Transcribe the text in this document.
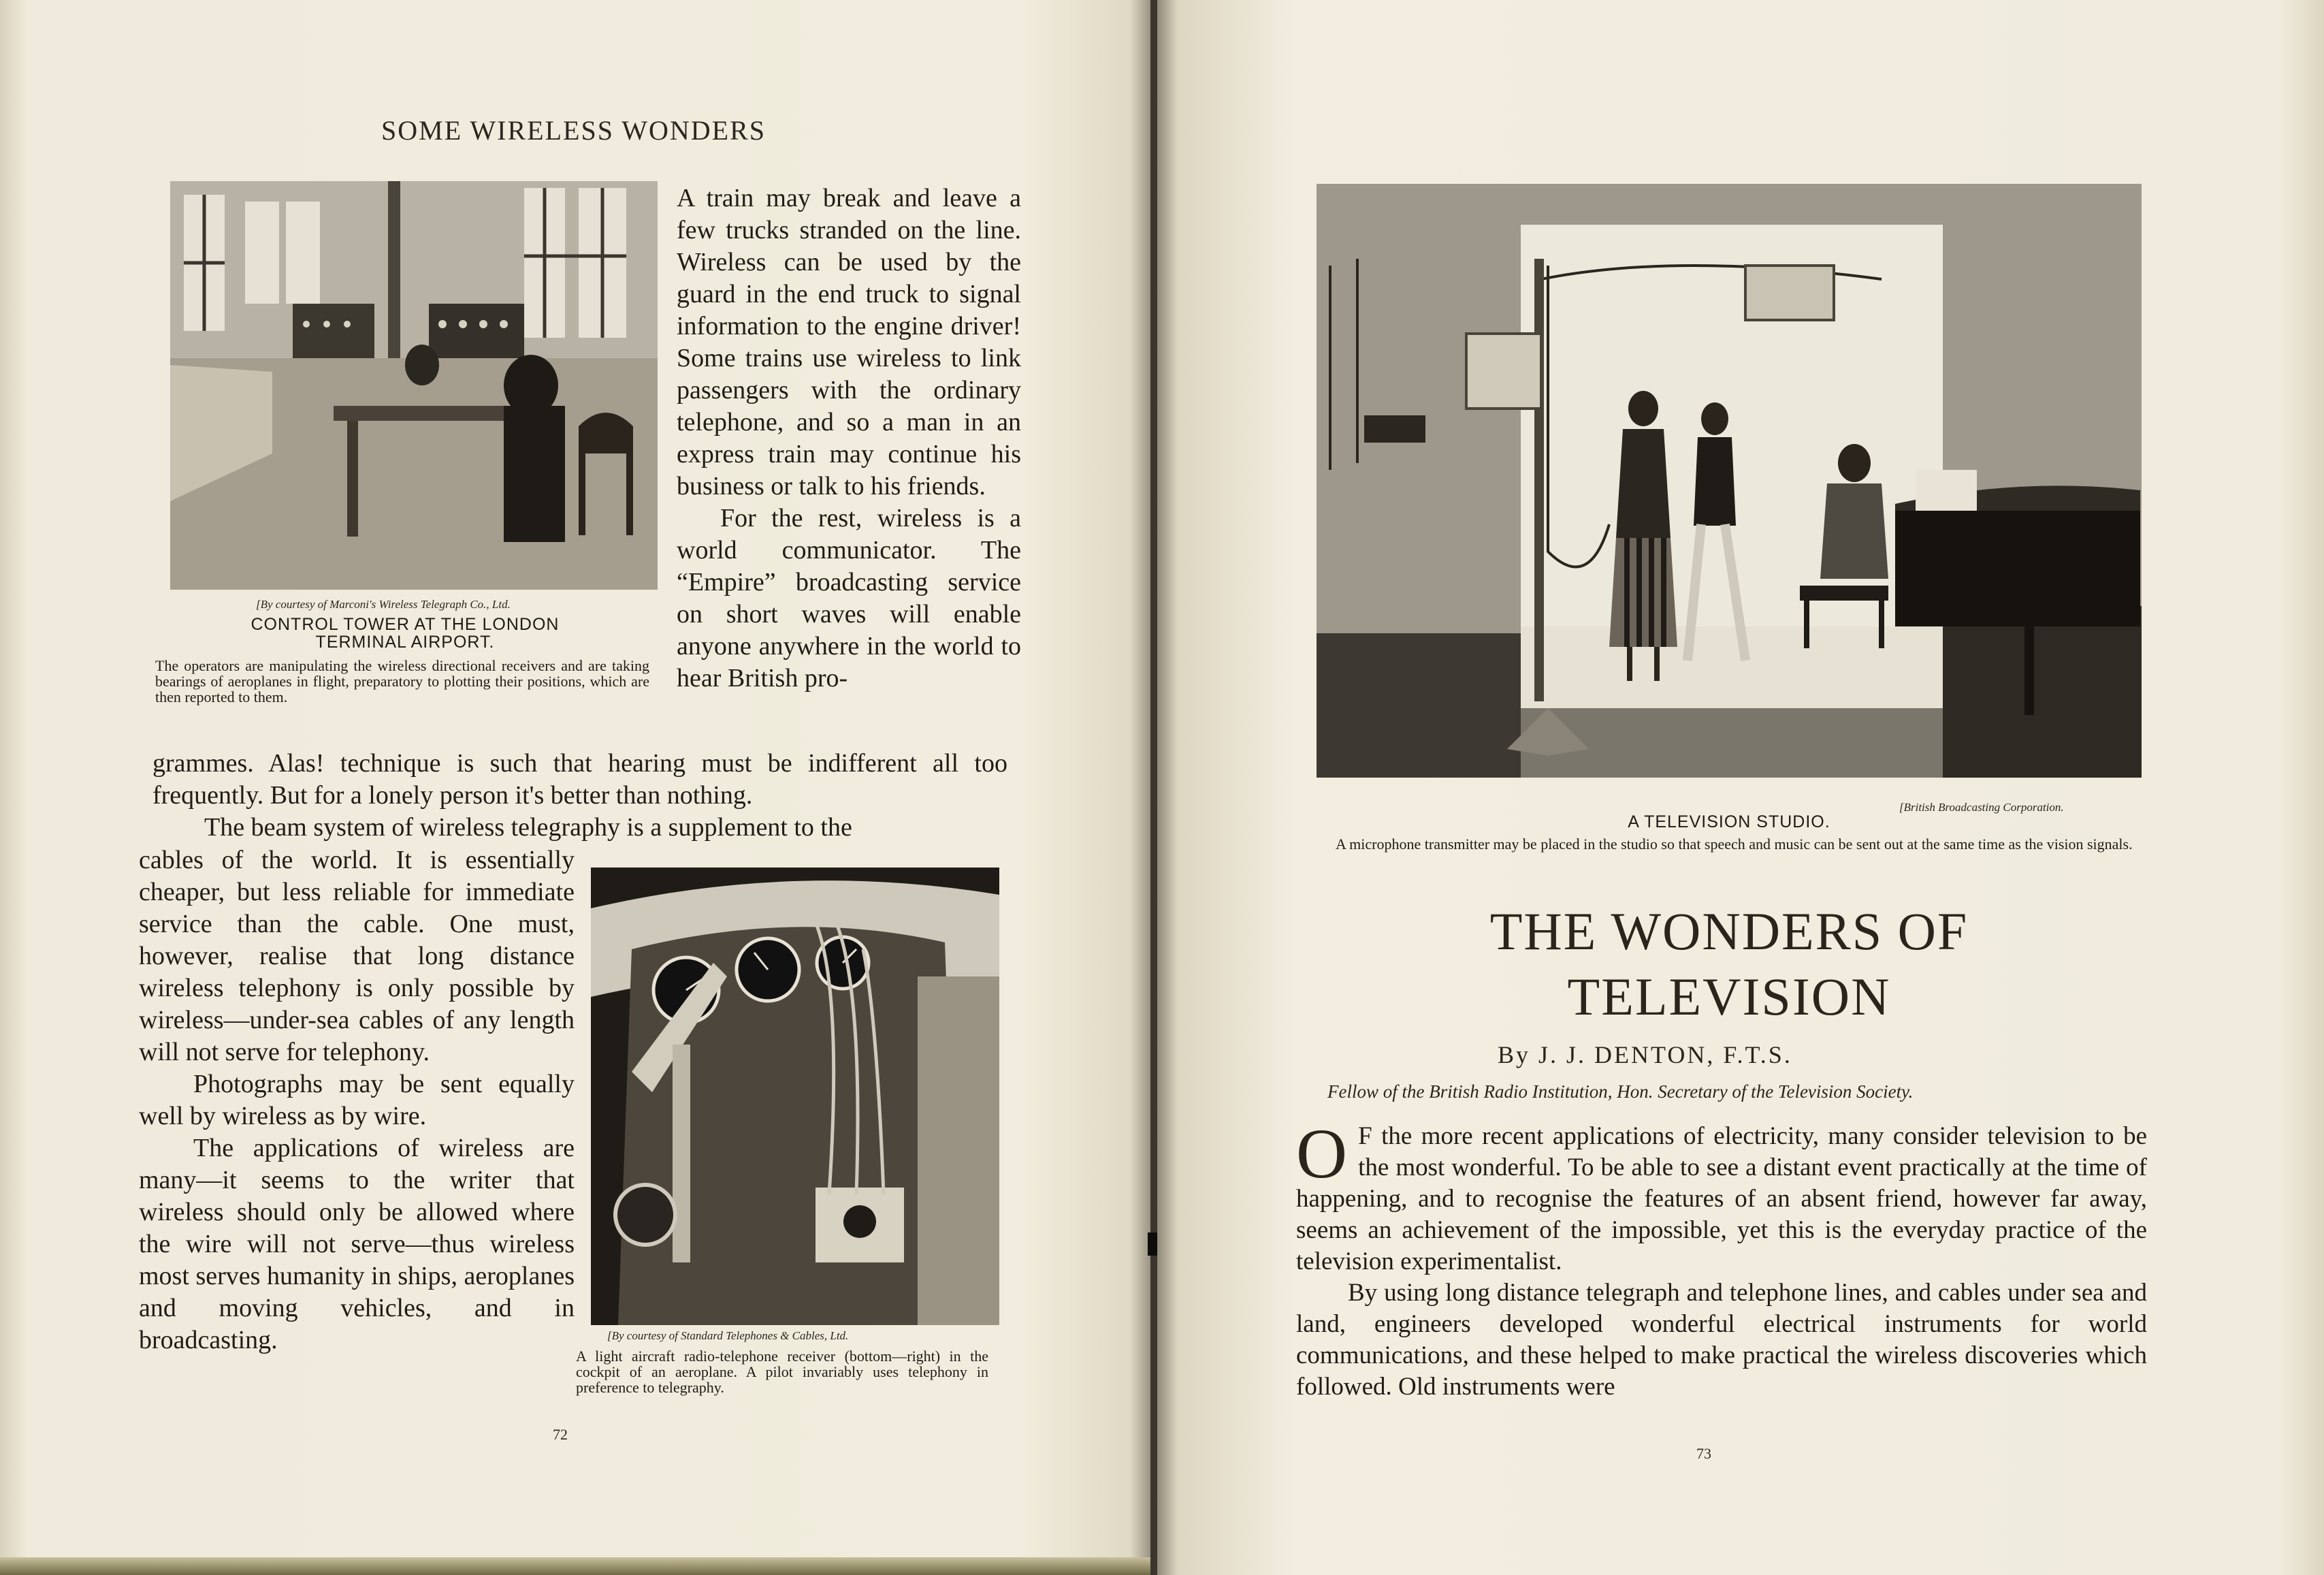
SOME WIRELESS WONDERS
[By courtesy of Marconi's Wireless Telegraph Co., Ltd.
CONTROL TOWER AT THE LONDON
TERMINAL AIRPORT.
The operators are manipulating the wireless directional receivers and are taking bearings of aeroplanes in flight, preparatory to plotting their positions, which are then reported to them.

A train may break and leave a few trucks stranded on the line. Wireless can be used by the guard in the end truck to signal information to the engine driver! Some trains use wireless to link passengers with the ordinary telephone, and so a man in an express train may continue his business or talk to his friends.

For the rest, wireless is a world communicator. The “Empire” broadcasting service on short waves will enable anyone anywhere in the world to hear British pro-

grammes. Alas! technique is such that hearing must be indifferent all too frequently. But for a lonely person it's better than nothing.
The beam system of wireless telegraphy is a supplement to the

cables of the world. It is essentially cheaper, but less reliable for immediate service than the cable. One must, however, realise that long distance wireless telephony is only possible by wireless—under-sea cables of any length will not serve for telephony.

Photographs may be sent equally well by wireless as by wire.

The applications of wireless are many—it seems to the writer that wireless should only be allowed where the wire will not serve—thus wireless most serves humanity in ships, aeroplanes and moving vehicles, and in broadcasting.	[By courtesy of Standard Telephones & Cables, Ltd.
A light aircraft radio-telephone receiver (bottom—right) in the cockpit of an aeroplane. A pilot invariably uses telephony in preference to telegraphy.
72
[British Broadcasting Corporation.
A TELEVISION STUDIO.
A microphone transmitter may be placed in the studio so that speech and music can be sent out at the same time as the vision signals.
73
THE WONDERS OF
TELEVISION
By J. J. DENTON, F.T.S.
Fellow of the British Radio Institution, Hon. Secretary of the Television Society.

O F the more recent applications of electricity, many consider television to be the most wonderful. To be able to see a distant event practically at the time of happening, and to recognise the features of an absent friend, however far away, seems an achievement of the impossible, yet this is the everyday practice of the television experimentalist.

By using long distance telegraph and telephone lines, and cables under sea and land, engineers developed wonderful electrical instruments for world communications, and these helped to make practical the wireless discoveries which followed. Old instruments were
